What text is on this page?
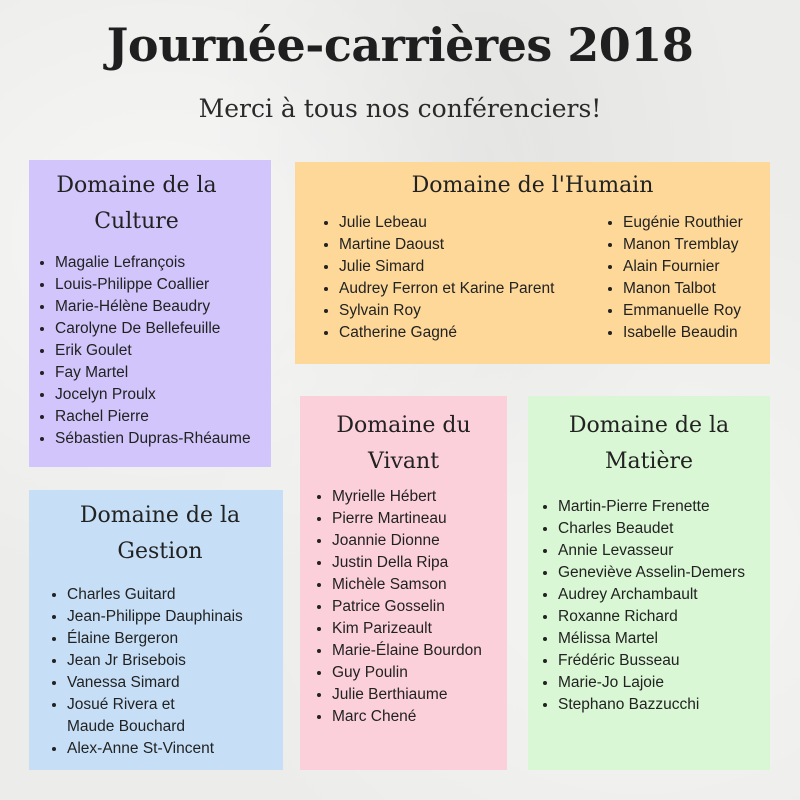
Journée-carrières 2018
Merci à tous nos conférenciers!
Domaine de la
Culture
• Magalie Lefrançois
• Louis-Philippe Coallier
• Marie-Hélène Beaudry
• Carolyne De Bellefeuille
• Erik Goulet
• Fay Martel
• Jocelyn Proulx
• Rachel Pierre
• Sébastien Dupras-Rhéaume
Domaine de l'Humain
• Julie Lebeau
• Martine Daoust
• Julie Simard
• Audrey Ferron et Karine Parent
• Sylvain Roy
• Catherine Gagné
• Eugénie Routhier
• Manon Tremblay
• Alain Fournier
• Manon Talbot
• Emmanuelle Roy
• Isabelle Beaudin
Domaine de la
Gestion
• Charles Guitard
• Jean-Philippe Dauphinais
• Élaine Bergeron
• Jean Jr Brisebois
• Vanessa Simard
• Josué Rivera et
Maude Bouchard
• Alex-Anne St-Vincent
Domaine du
Vivant
• Myrielle Hébert
• Pierre Martineau
• Joannie Dionne
• Justin Della Ripa
• Michèle Samson
• Patrice Gosselin
• Kim Parizeault
• Marie-Élaine Bourdon
• Guy Poulin
• Julie Berthiaume
• Marc Chené
Domaine de la
Matière
• Martin-Pierre Frenette
• Charles Beaudet
• Annie Levasseur
• Geneviève Asselin-Demers
• Audrey Archambault
• Roxanne Richard
• Mélissa Martel
• Frédéric Busseau
• Marie-Jo Lajoie
• Stephano Bazzucchi
